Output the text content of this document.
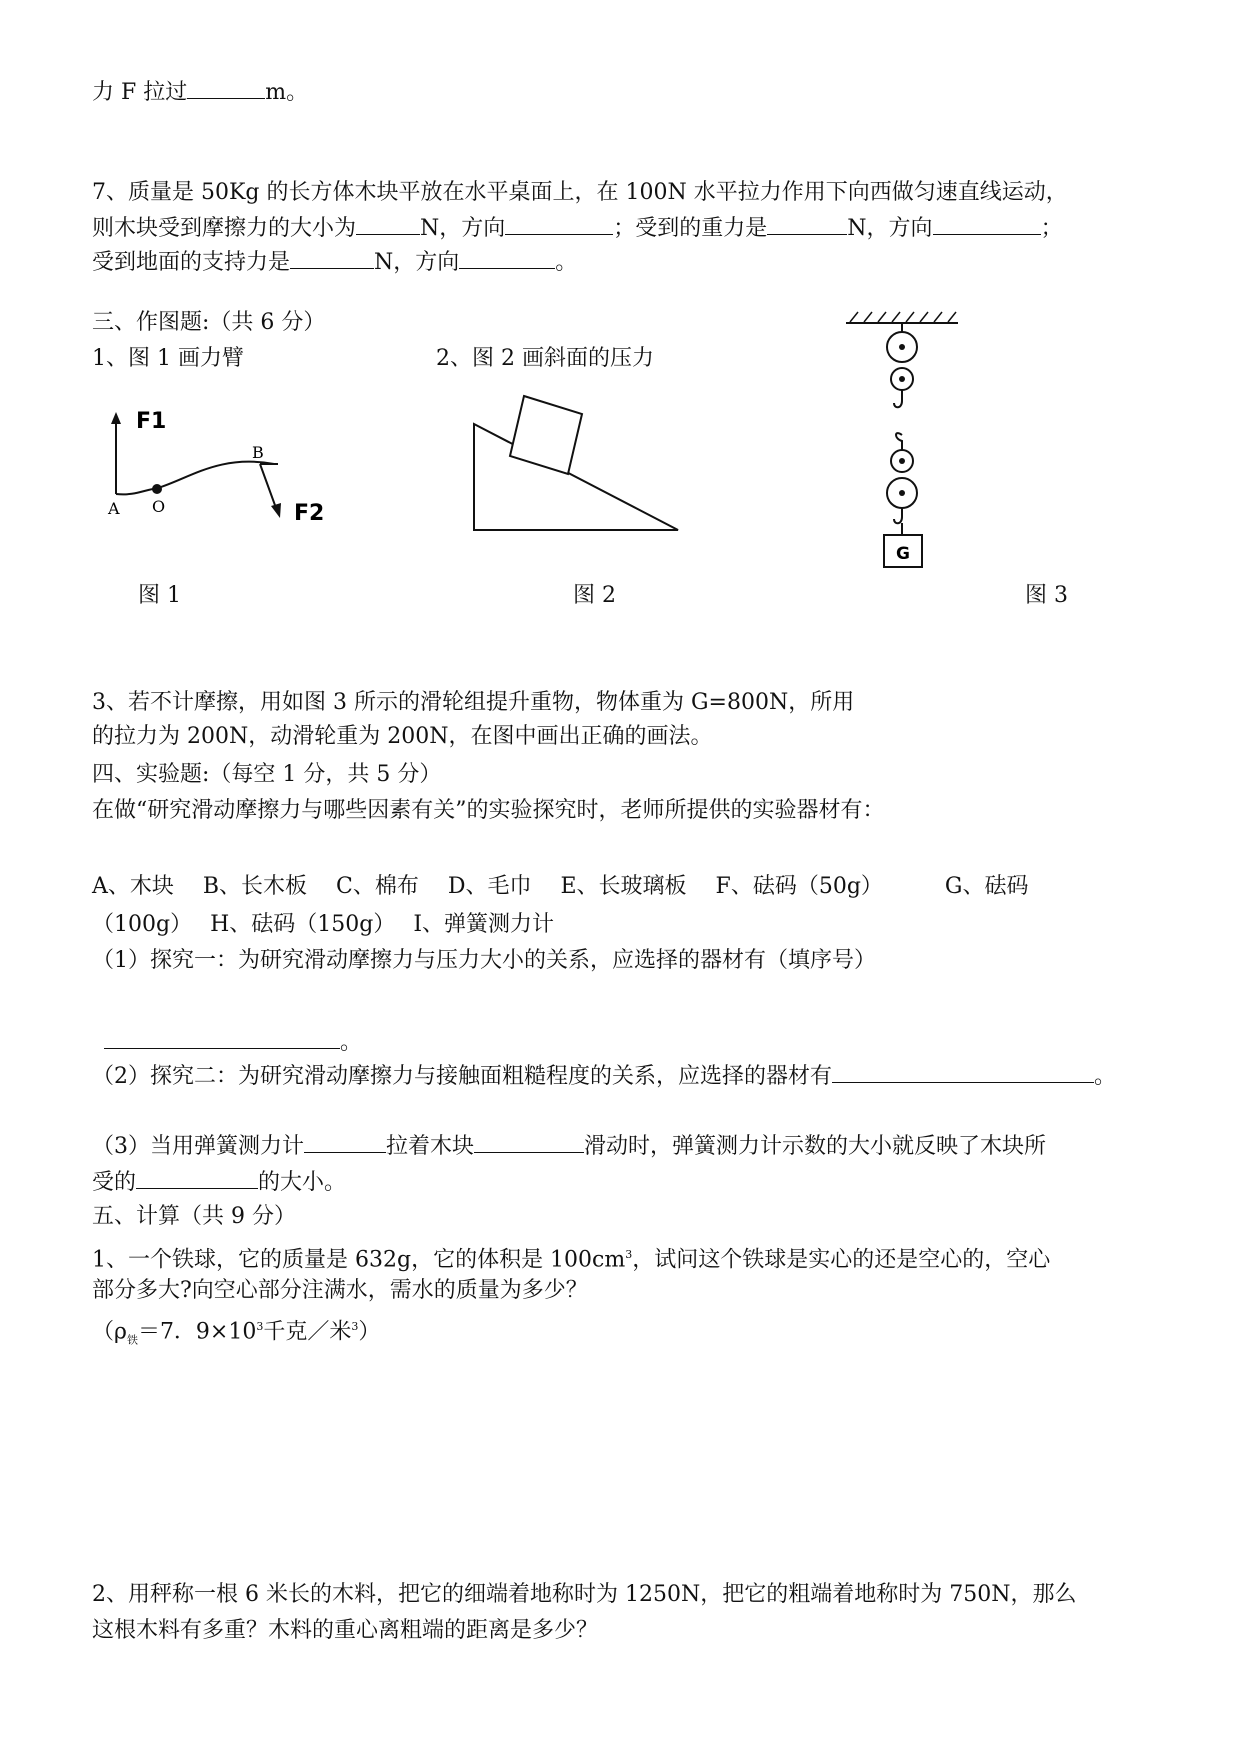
力 F 拉过	m。
7、质量是 50Kg 的长方体木块平放在水平桌面上，在 100N 水平拉力作用下向西做匀速直线运动，
则木块受到摩擦力的大小为	N，方向	；受到的重力是	N，方向	；
受到地面的支持力是	N，方向	。
三、作图题:（共 6 分）
1、图 1 画力臂	2、图 2 画斜面的压力
F1
F2
A O
B
图 1	图 2
G
图 3
3、若不计摩擦，用如图 3 所示的滑轮组提升重物，物体重为 G=800N，所用
的拉力为 200N，动滑轮重为 200N，在图中画出正确的画法。
四、实验题:（每空 1 分，共 5 分）
在做“研究滑动摩擦力与哪些因素有关”的实验探究时，老师所提供的实验器材有：
A、木块　 B、长木板　 C、棉布　 D、毛巾　 E、长玻璃板　 F、砝码（50g）　　　 G、砝码
（100g）　 H、砝码（150g）　 I、弹簧测力计
（1）探究一：为研究滑动摩擦力与压力大小的关系，应选择的器材有（填序号）
。
（2）探究二：为研究滑动摩擦力与接触面粗糙程度的关系，应选择的器材有	。
（3）当用弹簧测力计	拉着木块	滑动时，弹簧测力计示数的大小就反映了木块所
受的	的大小。
五、计算（共 9 分）
1、一个铁球，它的质量是 632g，它的体积是 $100cm^3$，试问这个铁球是实心的还是空心的，空心
部分多大?向空心部分注满水，需水的质量为多少？
（$\rho_铁=7$．$9\times 10^3$千克／米$^3$）
2、用秤称一根 6 米长的木料，把它的细端着地称时为 1250N，把它的粗端着地称时为 750N，那么
这根木料有多重？木料的重心离粗端的距离是多少？
